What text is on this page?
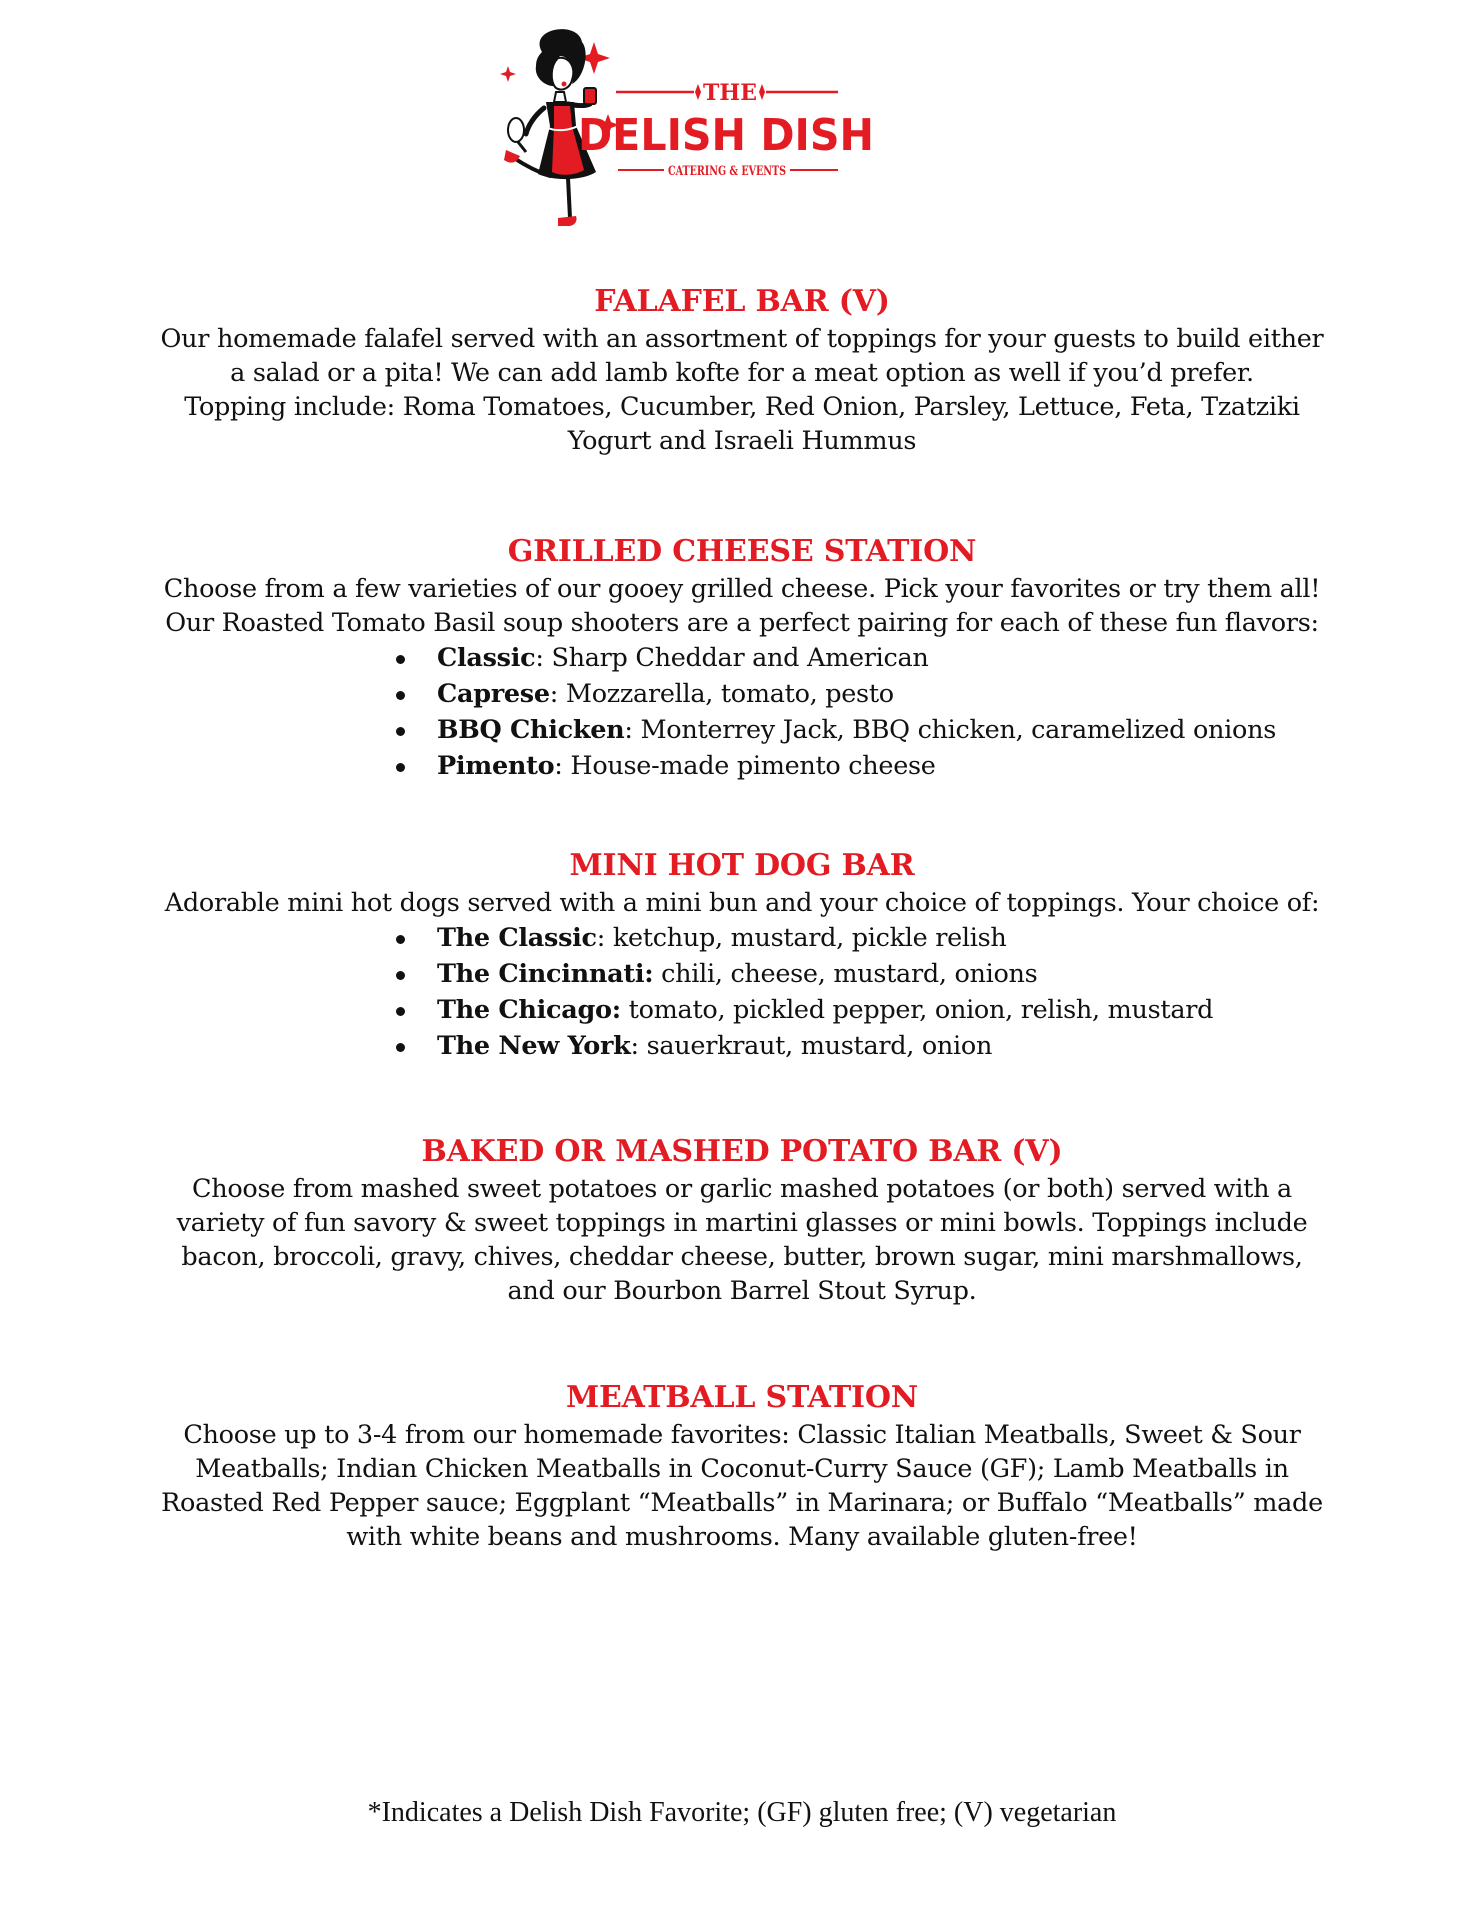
THE
DELISH DISH
CATERING & EVENTS
FALAFEL BAR (V)

Our homemade falafel served with an assortment of toppings for your guests to build either
a salad or a pita! We can add lamb kofte for a meat option as well if you’d prefer.
Topping include: Roma Tomatoes, Cucumber, Red Onion, Parsley, Lettuce, Feta, Tzatziki
Yogurt and Israeli Hummus

GRILLED CHEESE STATION

Choose from a few varieties of our gooey grilled cheese. Pick your favorites or try them all!
Our Roasted Tomato Basil soup shooters are a perfect pairing for each of these fun flavors:

Classic: Sharp Cheddar and American
Caprese: Mozzarella, tomato, pesto
BBQ Chicken: Monterrey Jack, BBQ chicken, caramelized onions
Pimento: House-made pimento cheese
MINI HOT DOG BAR

Adorable mini hot dogs served with a mini bun and your choice of toppings. Your choice of:

The Classic: ketchup, mustard, pickle relish
The Cincinnati: chili, cheese, mustard, onions
The Chicago: tomato, pickled pepper, onion, relish, mustard
The New York: sauerkraut, mustard, onion
BAKED OR MASHED POTATO BAR (V)

Choose from mashed sweet potatoes or garlic mashed potatoes (or both) served with a
variety of fun savory & sweet toppings in martini glasses or mini bowls. Toppings include
bacon, broccoli, gravy, chives, cheddar cheese, butter, brown sugar, mini marshmallows,
and our Bourbon Barrel Stout Syrup.

MEATBALL STATION

Choose up to 3-4 from our homemade favorites: Classic Italian Meatballs, Sweet & Sour
Meatballs; Indian Chicken Meatballs in Coconut-Curry Sauce (GF); Lamb Meatballs in
Roasted Red Pepper sauce; Eggplant “Meatballs” in Marinara; or Buffalo “Meatballs” made
with white beans and mushrooms. Many available gluten-free!

*Indicates a Delish Dish Favorite; (GF) gluten free; (V) vegetarian
